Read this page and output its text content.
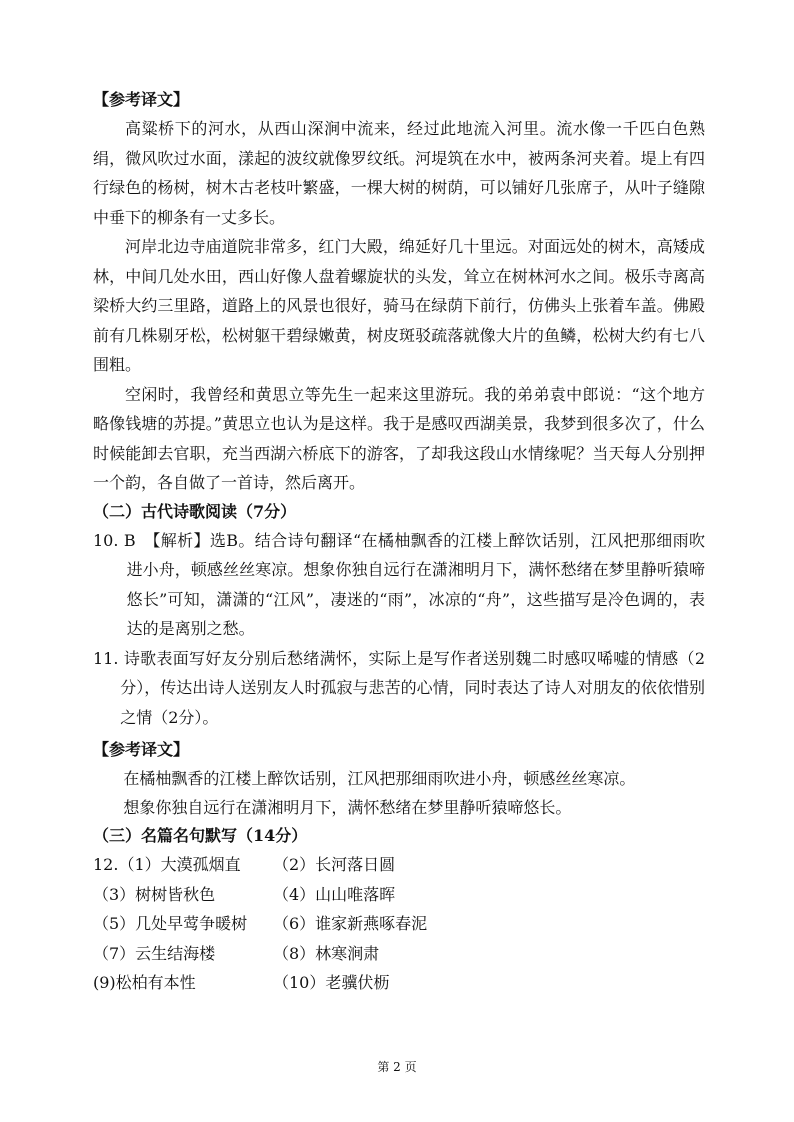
【参考译文】

高粱桥下的河水，从西山深涧中流来，经过此地流入河里。流水像一千匹白色熟绢，微风吹过水面，漾起的波纹就像罗纹纸。河堤筑在水中，被两条河夹着。堤上有四行绿色的杨树，树木古老枝叶繁盛，一棵大树的树荫，可以铺好几张席子，从叶子缝隙中垂下的柳条有一丈多长。

河岸北边寺庙道院非常多，红门大殿，绵延好几十里远。对面远处的树木，高矮成林，中间几处水田，西山好像人盘着螺旋状的头发，耸立在树林河水之间。极乐寺离高梁桥大约三里路，道路上的风景也很好，骑马在绿荫下前行，仿佛头上张着车盖。佛殿前有几株剔牙松，松树躯干碧绿嫩黄，树皮斑驳疏落就像大片的鱼鳞，松树大约有七八围粗。

空闲时，我曾经和黄思立等先生一起来这里游玩。我的弟弟袁中郎说：“这个地方略像钱塘的苏提。”黄思立也认为是这样。我于是感叹西湖美景，我梦到很多次了，什么时候能卸去官职，充当西湖六桥底下的游客，了却我这段山水情缘呢？当天每人分别押一个韵，各自做了一首诗，然后离开。

（二）古代诗歌阅读（7分）

10. B　【解析】选B。结合诗句翻译“在橘柚飘香的江楼上醉饮话别，江风把那细雨吹进小舟，顿感丝丝寒凉。想象你独自远行在潇湘明月下，满怀愁绪在梦里静听猿啼悠长”可知，潇潇的“江风”，凄迷的“雨”，冰凉的“舟”，这些描写是冷色调的，表达的是离别之愁。

11. 诗歌表面写好友分别后愁绪满怀，实际上是写作者送别魏二时感叹唏嘘的情感（2分），传达出诗人送别友人时孤寂与悲苦的心情，同时表达了诗人对朋友的依依惜别之情（2分）。

【参考译文】

在橘柚飘香的江楼上醉饮话别，江风把那细雨吹进小舟，顿感丝丝寒凉。

想象你独自远行在潇湘明月下，满怀愁绪在梦里静听猿啼悠长。

（三）名篇名句默写（14分）

12.（1）大漠孤烟直	（2）长河落日圆
（3）树树皆秋色	（4）山山唯落晖
（5）几处早莺争暖树	（6）谁家新燕啄春泥
（7）云生结海楼	（8）林寒涧肃
(9)松柏有本性	（10）老骥伏枥
第 2 页
